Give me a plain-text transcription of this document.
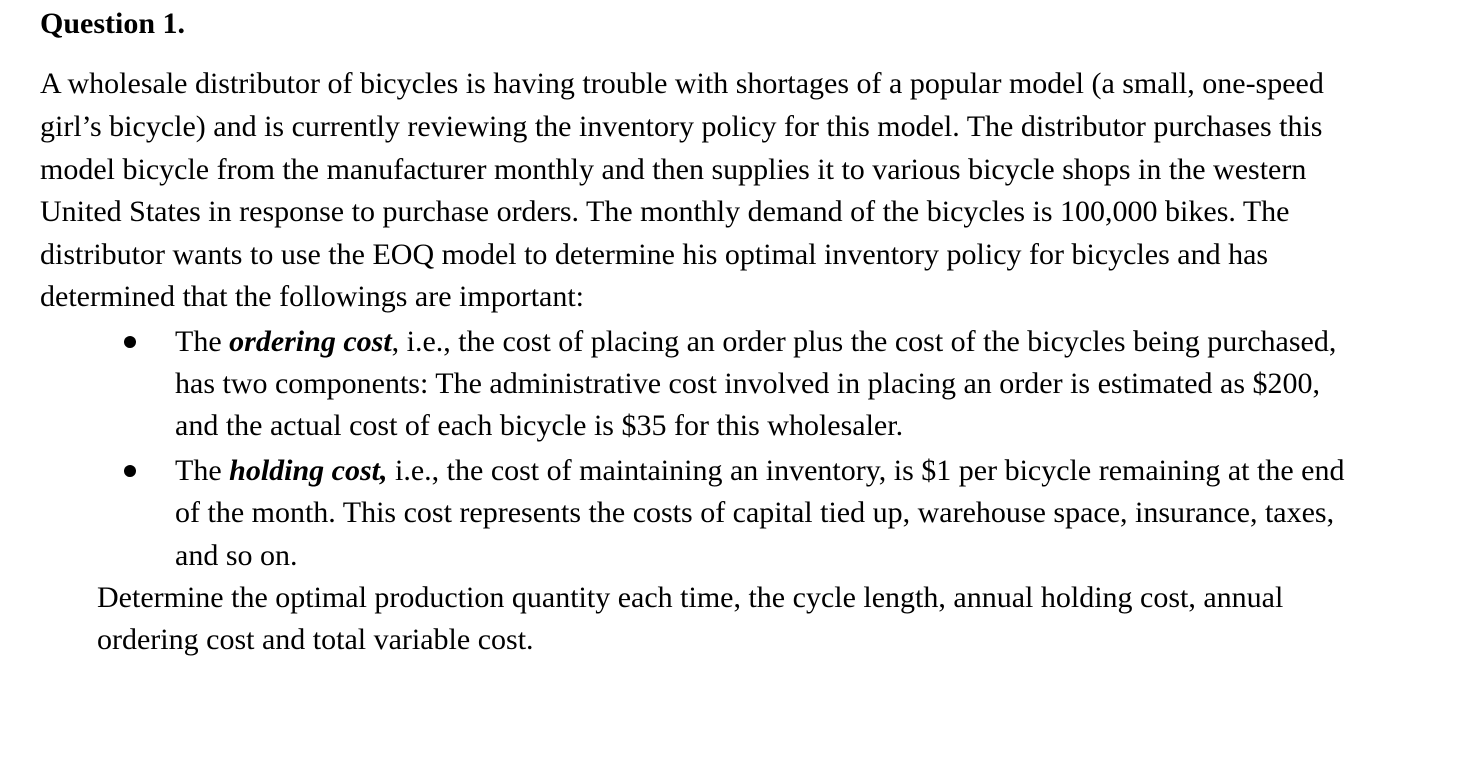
Question 1.
A wholesale distributor of bicycles is having trouble with shortages of a popular model (a small, one-speed
girl’s bicycle) and is currently reviewing the inventory policy for this model. The distributor purchases this
model bicycle from the manufacturer monthly and then supplies it to various bicycle shops in the western
United States in response to purchase orders. The monthly demand of the bicycles is 100,000 bikes. The
distributor wants to use the EOQ model to determine his optimal inventory policy for bicycles and has
determined that the followings are important:
The ordering cost, i.e., the cost of placing an order plus the cost of the bicycles being purchased,
has two components: The administrative cost involved in placing an order is estimated as $200,
and the actual cost of each bicycle is $35 for this wholesaler.
The holding cost, i.e., the cost of maintaining an inventory, is $1 per bicycle remaining at the end
of the month. This cost represents the costs of capital tied up, warehouse space, insurance, taxes,
and so on.
Determine the optimal production quantity each time, the cycle length, annual holding cost, annual
ordering cost and total variable cost.
